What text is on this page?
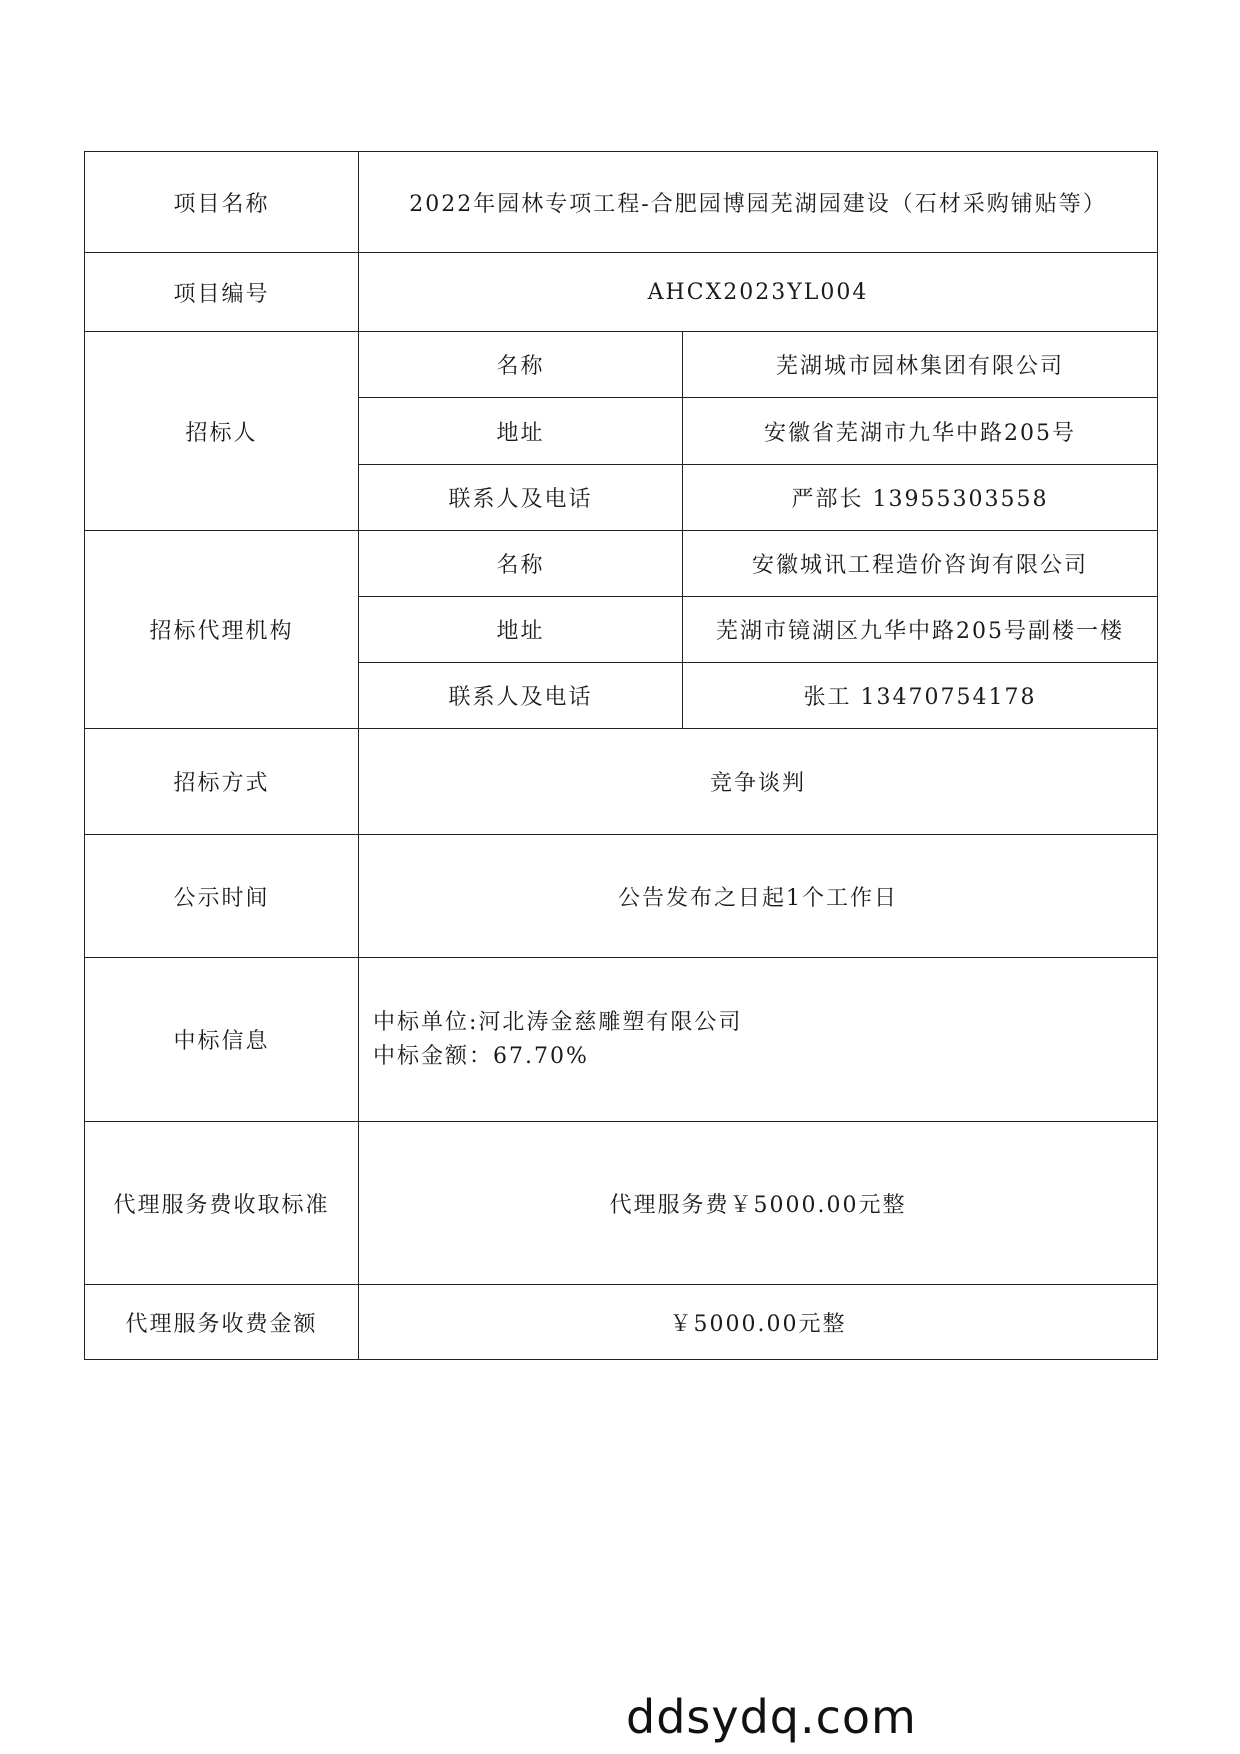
项目名称	2022年园林专项工程-合肥园博园芜湖园建设（石材采购铺贴等）	
项目编号	AHCX2023YL004	
招标人	名称	芜湖城市园林集团有限公司
	地址	安徽省芜湖市九华中路205号
	联系人及电话	严部长 13955303558
招标代理机构	名称	安徽城讯工程造价咨询有限公司
	地址	芜湖市镜湖区九华中路205号副楼一楼
	联系人及电话	张工 13470754178
招标方式	竞争谈判	
公示时间	公告发布之日起1个工作日	
中标信息	中标单位:河北涛金慈雕塑有限公司
中标金额：67.70%	

代理服务费收取标准	代理服务费￥5000.00元整	
代理服务收费金额	￥5000.00元整	
ddsydq.com
